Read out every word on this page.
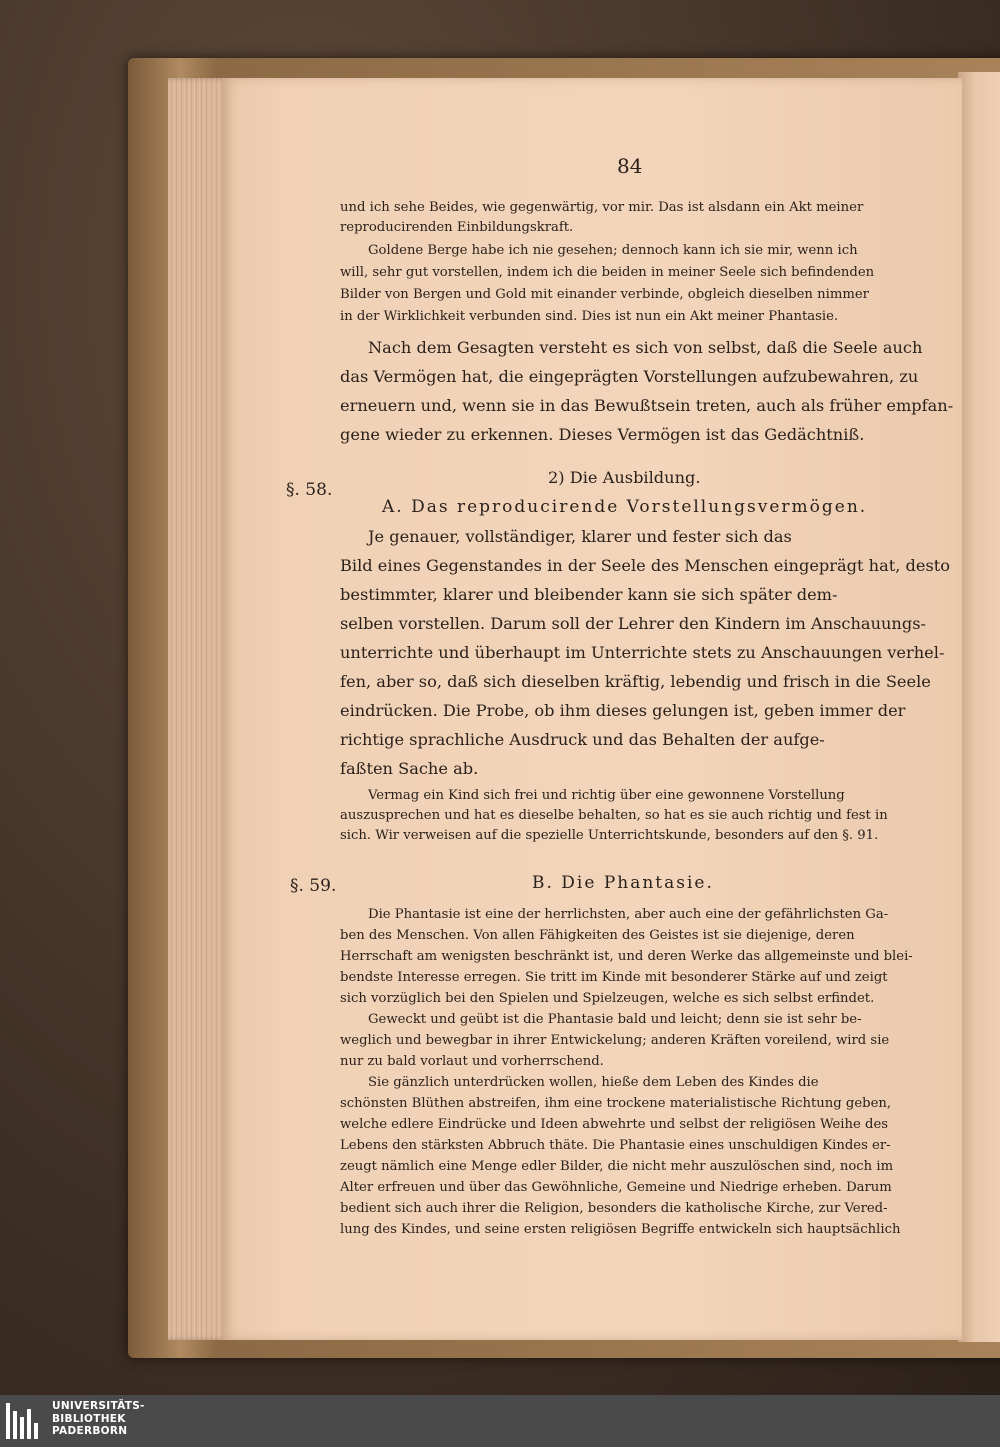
84
und ich sehe Beides, wie gegenwärtig, vor mir. Das ist alsdann ein Akt meiner
reproducirenden Einbildungskraft.
Goldene Berge habe ich nie gesehen; dennoch kann ich sie mir, wenn ich
will, sehr gut vorstellen, indem ich die beiden in meiner Seele sich befindenden
Bilder von Bergen und Gold mit einander verbinde, obgleich dieselben nimmer
in der Wirklichkeit verbunden sind. Dies ist nun ein Akt meiner Phantasie.
Nach dem Gesagten versteht es sich von selbst, daß die Seele auch
das Vermögen hat, die eingeprägten Vorstellungen aufzubewahren, zu
erneuern und, wenn sie in das Bewußtsein treten, auch als früher empfan-
gene wieder zu erkennen. Dieses Vermögen ist das Gedächtniß.
§. 58.
2) Die Ausbildung.
A. Das reproducirende Vorstellungsvermögen.
Je genauer, vollständiger, klarer und fester sich das
Bild eines Gegenstandes in der Seele des Menschen eingeprägt hat, desto
bestimmter, klarer und bleibender kann sie sich später dem-
selben vorstellen. Darum soll der Lehrer den Kindern im Anschauungs-
unterrichte und überhaupt im Unterrichte stets zu Anschauungen verhel-
fen, aber so, daß sich dieselben kräftig, lebendig und frisch in die Seele
eindrücken. Die Probe, ob ihm dieses gelungen ist, geben immer der
richtige sprachliche Ausdruck und das Behalten der aufge-
faßten Sache ab.
Vermag ein Kind sich frei und richtig über eine gewonnene Vorstellung
auszusprechen und hat es dieselbe behalten, so hat es sie auch richtig und fest in
sich. Wir verweisen auf die spezielle Unterrichtskunde, besonders auf den §. 91.
§. 59.	B. Die Phantasie.
Die Phantasie ist eine der herrlichsten, aber auch eine der gefährlichsten Ga-
ben des Menschen. Von allen Fähigkeiten des Geistes ist sie diejenige, deren
Herrschaft am wenigsten beschränkt ist, und deren Werke das allgemeinste und blei-
bendste Interesse erregen. Sie tritt im Kinde mit besonderer Stärke auf und zeigt
sich vorzüglich bei den Spielen und Spielzeugen, welche es sich selbst erfindet.
Geweckt und geübt ist die Phantasie bald und leicht; denn sie ist sehr be-
weglich und bewegbar in ihrer Entwickelung; anderen Kräften voreilend, wird sie
nur zu bald vorlaut und vorherrschend.
Sie gänzlich unterdrücken wollen, hieße dem Leben des Kindes die
schönsten Blüthen abstreifen, ihm eine trockene materialistische Richtung geben,
welche edlere Eindrücke und Ideen abwehrte und selbst der religiösen Weihe des
Lebens den stärksten Abbruch thäte. Die Phantasie eines unschuldigen Kindes er-
zeugt nämlich eine Menge edler Bilder, die nicht mehr auszulöschen sind, noch im
Alter erfreuen und über das Gewöhnliche, Gemeine und Niedrige erheben. Darum
bedient sich auch ihrer die Religion, besonders die katholische Kirche, zur Vered-
lung des Kindes, und seine ersten religiösen Begriffe entwickeln sich hauptsächlich
UNIVERSITÄTS-
BIBLIOTHEK
PADERBORN
